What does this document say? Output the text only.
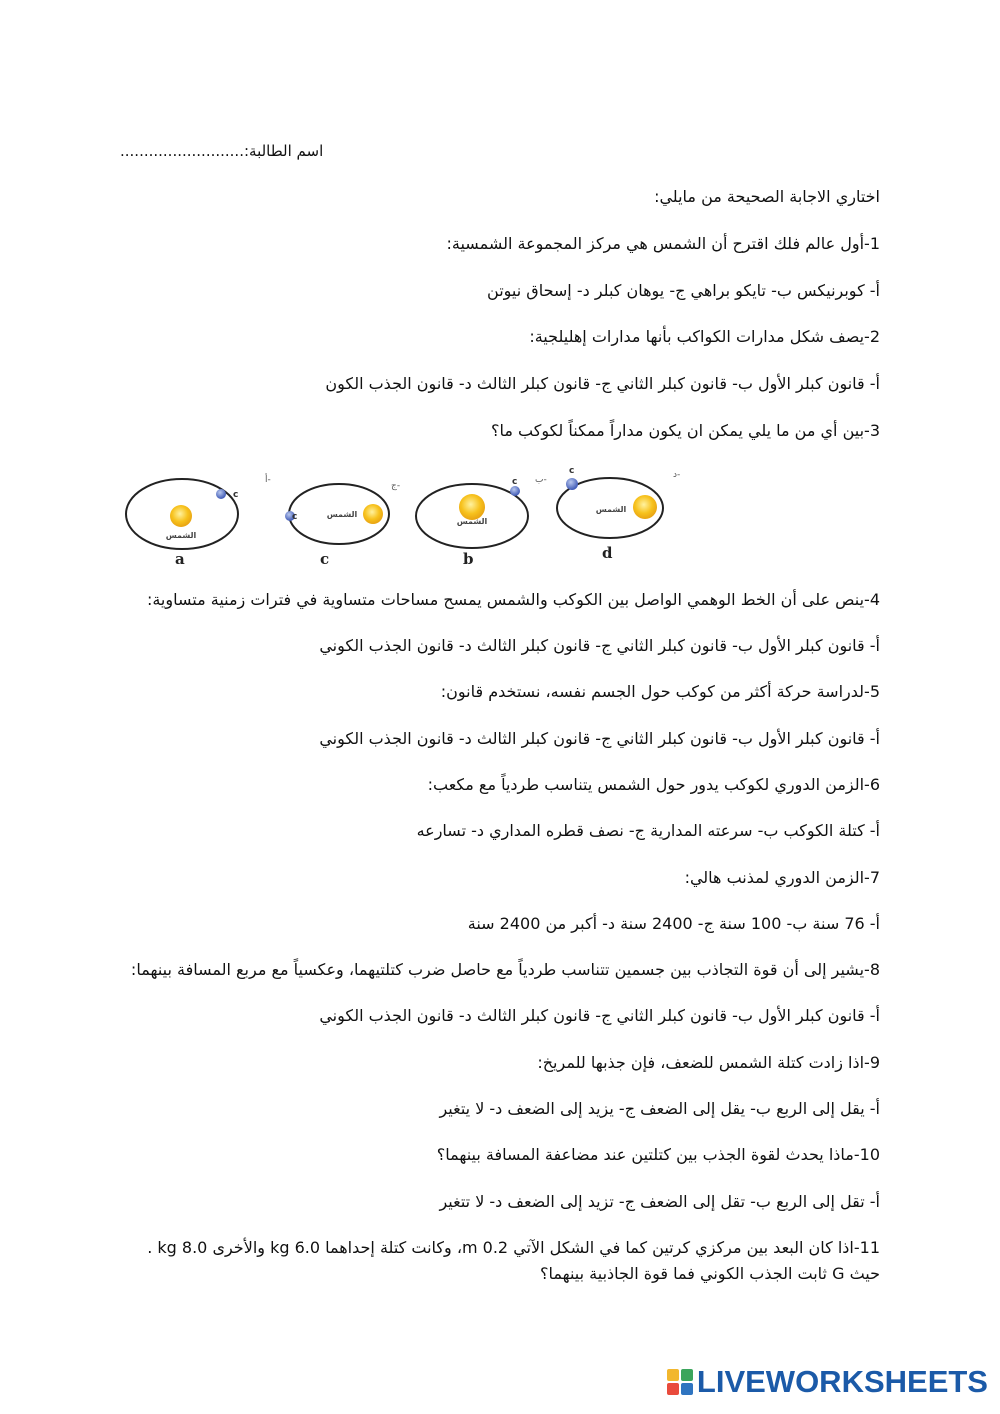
اسم الطالبة:..........................
اختاري الاجابة الصحيحة من مايلي:
1-أول عالم فلك اقترح أن الشمس هي مركز المجموعة الشمسية:
أ- كوبرنيكس ب- تايكو براهي ج- يوهان كبلر د- إسحاق نيوتن
2-يصف شكل مدارات الكواكب بأنها مدارات إهليلجية:
أ- قانون كبلر الأول ب- قانون كبلر الثاني ج- قانون كبلر الثالث د- قانون الجذب الكون
3-بين أي من ما يلي يمكن ان يكون مداراً ممكناً لكوكب ما؟
الشمس
c
a
أ-
الشمس
c
c
ج-
الشمس
c
b
ب-
الشمس
c
d
د-
4-ينص على أن الخط الوهمي الواصل بين الكوكب والشمس يمسح مساحات متساوية في فترات زمنية متساوية:
أ- قانون كبلر الأول ب- قانون كبلر الثاني ج- قانون كبلر الثالث د- قانون الجذب الكوني
5-لدراسة حركة أكثر من كوكب حول الجسم نفسه، نستخدم قانون:
أ- قانون كبلر الأول ب- قانون كبلر الثاني ج- قانون كبلر الثالث د- قانون الجذب الكوني
6-الزمن الدوري لكوكب يدور حول الشمس يتناسب طردياً مع مكعب:
أ- كتلة الكوكب ب- سرعته المدارية ج- نصف قطره المداري د- تسارعه
7-الزمن الدوري لمذنب هالي:
أ- 76 سنة ب- 100 سنة ج- 2400 سنة د- أكبر من 2400 سنة
8-يشير إلى أن قوة التجاذب بين جسمين تتناسب طردياً مع حاصل ضرب كتلتيهما، وعكسياً مع مربع المسافة بينهما:
أ- قانون كبلر الأول ب- قانون كبلر الثاني ج- قانون كبلر الثالث د- قانون الجذب الكوني
9-اذا زادت كتلة الشمس للضعف، فإن جذبها للمريخ:
أ- يقل إلى الربع ب- يقل إلى الضعف ج- يزيد إلى الضعف د- لا يتغير
10-ماذا يحدث لقوة الجذب بين كتلتين عند مضاعفة المسافة بينهما؟
أ- تقل إلى الربع ب- تقل إلى الضعف ج- تزيد إلى الضعف د- لا تتغير
11-اذا كان البعد بين مركزي كرتين كما في الشكل الآتي m 0.2، وكانت كتلة إحداهما kg 6.0 والأخرى kg 8.0 .
حيث G ثابت الجذب الكوني فما قوة الجاذبية بينهما؟
LIVEWORKSHEETS
